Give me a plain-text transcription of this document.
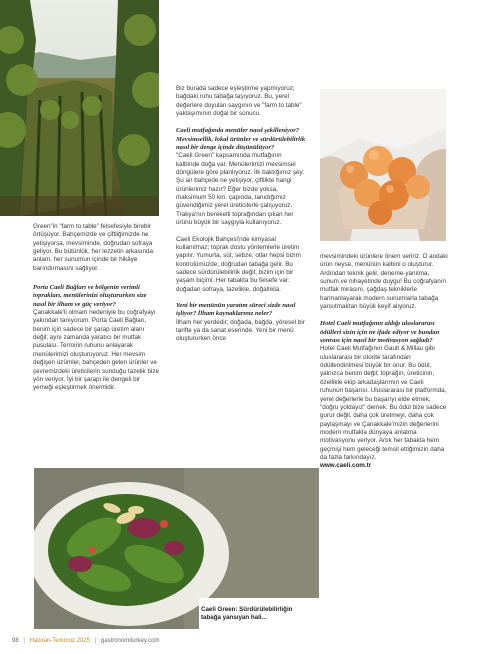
Green"in "farm to table" felsefesiyle birebir örtüşüyor. Bahçemizde ve çiftliğimizde ne yetişiyorsa, mevsiminde, doğrudan sofraya geliyor. Bu bütünlük, her lezzetin arkasında anlam, her sunumun içinde bir hikâye barındırmasını sağlıyor.

Porta Caeli Bağları ve bölgenin verimli toprakları, menülerinizi oluştururken size nasıl bir ilham ve güç veriyor?

Çanakkale'li olmam nedeniyle bu coğrafyayı yakından tanıyorum. Porta Caeli Bağları, benim için sadece bir şarap üretim alanı değil; aynı zamanda yaratıcı bir mutfak pusulası. Terroirin ruhunu anlayarak menülerimizi oluşturuyoruz. Her mevsim değişen üzümler, bahçeden gelen ürünler ve çevremizdeki üreticilerin sunduğu tazelik bize yön veriyor. İyi bir şarapı ile dengeli bir yemeği eşleştirmek önemlidir.

Biz burada sadece eşleştirme yapmıyoruz; bağdaki ruhu tabağa taşıyoruz. Bu, yerel değerlere duyulan saygının ve "farm to table" yaklaşımının doğal bir sonucu.

Caeli mutfağında menüler nasıl şekilleniyor? Mevsimsellik, lokal ürünler ve sürdürülebilirlik nasıl bir denge içinde düşünülüyor?

"Caeli Green" kapsamında mutfağının kalbinde doğa var. Menülerimizi mevsimsel döngülere göre planlıyoruz. İlk baktığımız şey: Şu an bahçede ne yetişiyor, çiftlikte hangi ürünlerimiz hazır? Eğer bizde yoksa, maksimum 50 km. çapında, tanıdığımız güvendiğimiz yerel üreticilerle çalışıyoruz. Trakya'nın bereketli toprağından çıkan her ürünü büyük bir saygıyla kullanıyoruz.

Caeli Ekolojik Bahçesi'nde kimyasal kullanılmaz; toprak dostu yöntemlerle üretim yapılır. Yumurta, süt, sebze, otlar hepsi bizim kontrolümüzde, doğrudan tabağa gelir. Bu sadece sürdürülebilirlik değil; bizim için bir yaşam biçimi. Her tabakta bu felsefe var: doğadan sofraya, tazelikle, doğallıkla.

Yeni bir menünün yaratım süreci sizde nasıl işliyor? İlham kaynaklarınız neler?

İlham her yerdedir; doğada, bağda, yöresel bir tarifte ya da sanat eserinde. Yeni bir menü oluştururken önce

mevsimindeki ürünlere önem veririz. O andaki ürün neyse, menünün kalbini o oluşturur. Ardından teknik gelir, deneme-yanılma, sunum ve nihayetinde duygu! Bu coğrafyanın mutfak mirasını, çağdaş tekniklerle harmanlayarak modern sunumlarla tabağa yansıtmaktan büyük keyif alıyoruz.

Hotel Caeli mutfağının aldığı uluslararası ödülleri sizin için ne ifade ediyor ve bundan sonrası için nasıl bir motivasyon sağladı?

Hotel Caeli Mutfağının Gault & Millau gibi uluslararası bir otorite tarafından ödüllendirilmesi büyük bir onur. Bu ödül, yalnızca benim değil; toprağın, üreticinin, özellikle ekip arkadaşlarımın ve Caeli ruhunun başarısı. Uluslararası bir platformda, yerel değerlerle bu başarıyı elde etmek, "doğru yoldayız" demek. Bu ödül bize sadece gurur değil, daha çok üretmeyi, daha çok paylaşmayı ve Çanakkale'mizin değerlerini modern mutfakla dünyaya anlatma motivasyonu veriyor. Artık her tabakta hem geçmişi hem geleceği temsil ettiğimizin daha da fazla farkındayız.

www.caeli.com.tr

Caeli Green: Sürdürülebilirliğin tabağa yansıyan hali...

98 | Haziran-Temmuz 2025 | gastronomiturkey.com
